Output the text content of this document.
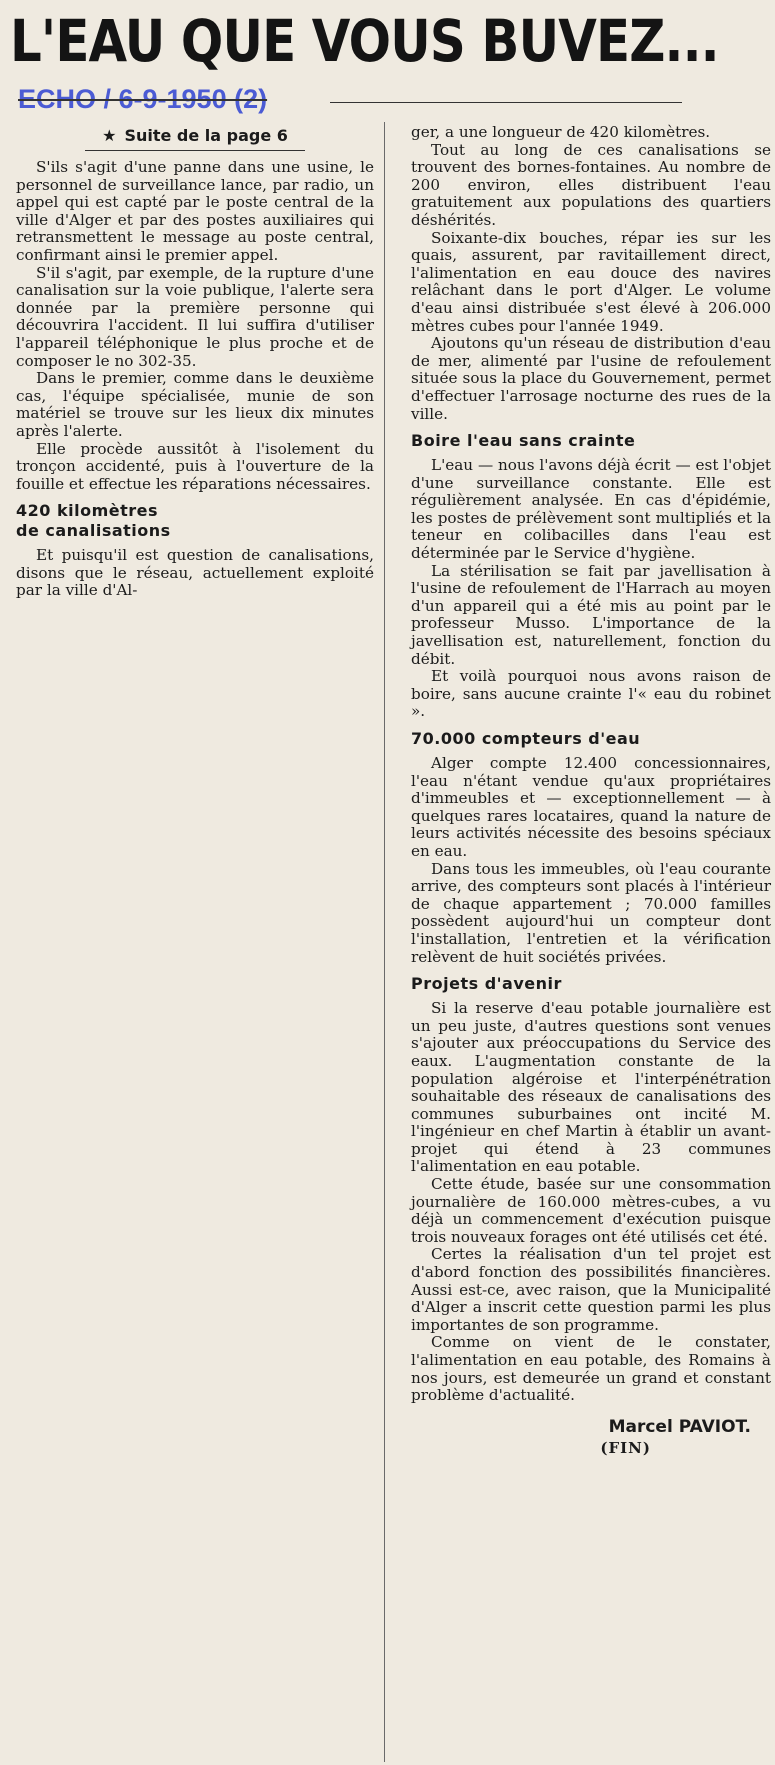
L'EAU QUE VOUS BUVEZ...
ECHO / 6-9-1950 (2)
★ Suite de la page 6

S'ils s'agit d'une panne dans une usine, le personnel de surveillance lance, par radio, un appel qui est capté par le poste central de la ville d'Alger et par des postes auxiliaires qui retransmettent le message au poste central, confirmant ainsi le premier appel.

S'il s'agit, par exemple, de la rupture d'une canalisation sur la voie publique, l'alerte sera donnée par la première personne qui découvrira l'accident. Il lui suffira d'utiliser l'appareil téléphonique le plus proche et de composer le no 302-35.

Dans le premier, comme dans le deuxième cas, l'équipe spécialisée, munie de son matériel se trouve sur les lieux dix minutes après l'alerte.

Elle procède aussitôt à l'isolement du tronçon accidenté, puis à l'ouverture de la fouille et effectue les réparations nécessaires.

420 kilomètres
de canalisations

Et puisqu'il est question de canalisations, disons que le réseau, actuellement exploité par la ville d'Al-

ger, a une longueur de 420 kilomètres.

Tout au long de ces canalisations se trouvent des bornes-fontaines. Au nombre de 200 environ, elles distribuent l'eau gratuitement aux populations des quartiers déshérités.

Soixante-dix bouches, répar ies sur les quais, assurent, par ravitaillement direct, l'alimentation en eau douce des navires relâchant dans le port d'Alger. Le volume d'eau ainsi distribuée s'est élevé à 206.000 mètres cubes pour l'année 1949.

Ajoutons qu'un réseau de distribution d'eau de mer, alimenté par l'usine de refoulement située sous la place du Gouvernement, permet d'effectuer l'arrosage nocturne des rues de la ville.

Boire l'eau sans crainte

L'eau — nous l'avons déjà écrit — est l'objet d'une surveillance constante. Elle est régulièrement analysée. En cas d'épidémie, les postes de prélèvement sont multipliés et la teneur en colibacilles dans l'eau est déterminée par le Service d'hygiène.

La stérilisation se fait par javellisation à l'usine de refoulement de l'Harrach au moyen d'un appareil qui a été mis au point par le professeur Musso. L'importance de la javellisation est, naturellement, fonction du débit.

Et voilà pourquoi nous avons raison de boire, sans aucune crainte l'« eau du robinet ».

70.000 compteurs d'eau

Alger compte 12.400 concessionnaires, l'eau n'étant vendue qu'aux propriétaires d'immeubles et — exceptionnellement — à quelques rares locataires, quand la nature de leurs activités nécessite des besoins spéciaux en eau.

Dans tous les immeubles, où l'eau courante arrive, des compteurs sont placés à l'intérieur de chaque appartement ; 70.000 familles possèdent aujourd'hui un compteur dont l'installation, l'entretien et la vérification relèvent de huit sociétés privées.

Projets d'avenir

Si la reserve d'eau potable journalière est un peu juste, d'autres questions sont venues s'ajouter aux préoccupations du Service des eaux. L'augmentation constante de la population algéroise et l'interpénétration souhaitable des réseaux de canalisations des communes suburbaines ont incité M. l'ingénieur en chef Martin à établir un avant-projet qui étend à 23 communes l'alimentation en eau potable.

Cette étude, basée sur une consommation journalière de 160.000 mètres-cubes, a vu déjà un commencement d'exécution puisque trois nouveaux forages ont été utilisés cet été.

Certes la réalisation d'un tel projet est d'abord fonction des possibilités financières. Aussi est-ce, avec raison, que la Municipalité d'Alger a inscrit cette question parmi les plus importantes de son programme.

Comme on vient de le constater, l'alimentation en eau potable, des Romains à nos jours, est demeurée un grand et constant problème d'actualité.

Marcel PAVIOT.
(FIN)
